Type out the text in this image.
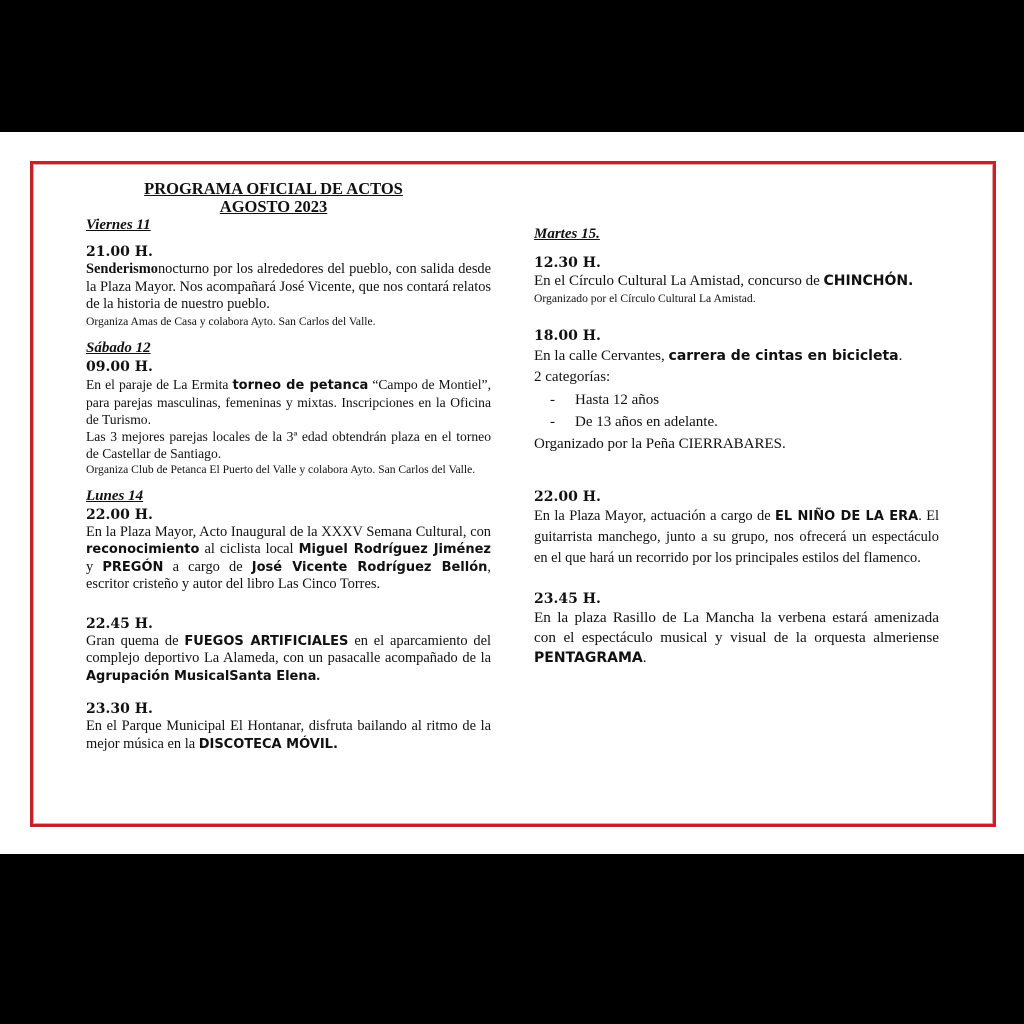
PROGRAMA OFICIAL DE ACTOS
AGOSTO 2023
Viernes 11
21.00 H.

Senderismonocturno por los alrededores del pueblo, con salida desde la Plaza Mayor. Nos acompañará José Vicente, que nos contará relatos de la historia de nuestro pueblo.

Organiza Amas de Casa y colabora Ayto. San Carlos del Valle.

Sábado 12
09.00 H.

En el paraje de La Ermita torneo de petanca “Campo de Montiel”, para parejas masculinas, femeninas y mixtas. Inscripciones en la Oficina de Turismo.

Las 3 mejores parejas locales de la 3ª edad obtendrán plaza en el torneo de Castellar de Santiago.

Organiza Club de Petanca El Puerto del Valle y colabora Ayto. San Carlos del Valle.

Lunes 14
22.00 H.

En la Plaza Mayor, Acto Inaugural de la XXXV Semana Cultural, con reconocimiento al ciclista local Miguel Rodríguez Jiménez y PREGÓN a cargo de José Vicente Rodríguez Bellón, escritor cristeño y autor del libro Las Cinco Torres.

22.45 H.

Gran quema de FUEGOS ARTIFICIALES en el aparcamiento del complejo deportivo La Alameda, con un pasacalle acompañado de la Agrupación MusicalSanta Elena.

23.30 H.

En el Parque Municipal El Hontanar, disfruta bailando al ritmo de la mejor música en la DISCOTECA MÓVIL.

Martes 15.
12.30 H.

En el Círculo Cultural La Amistad, concurso de CHINCHÓN.

Organizado por el Círculo Cultural La Amistad.

18.00 H.

En la calle Cervantes, carrera de cintas en bicicleta.

2 categorías:

- Hasta 12 años
- De 13 años en adelante.

Organizado por la Peña CIERRABARES.

22.00 H.

En la Plaza Mayor, actuación a cargo de EL NIÑO DE LA ERA. El guitarrista manchego, junto a su grupo, nos ofrecerá un espectáculo en el que hará un recorrido por los principales estilos del flamenco.

23.45 H.

En la plaza Rasillo de La Mancha la verbena estará amenizada con el espectáculo musical y visual de la orquesta almeriense PENTAGRAMA.
